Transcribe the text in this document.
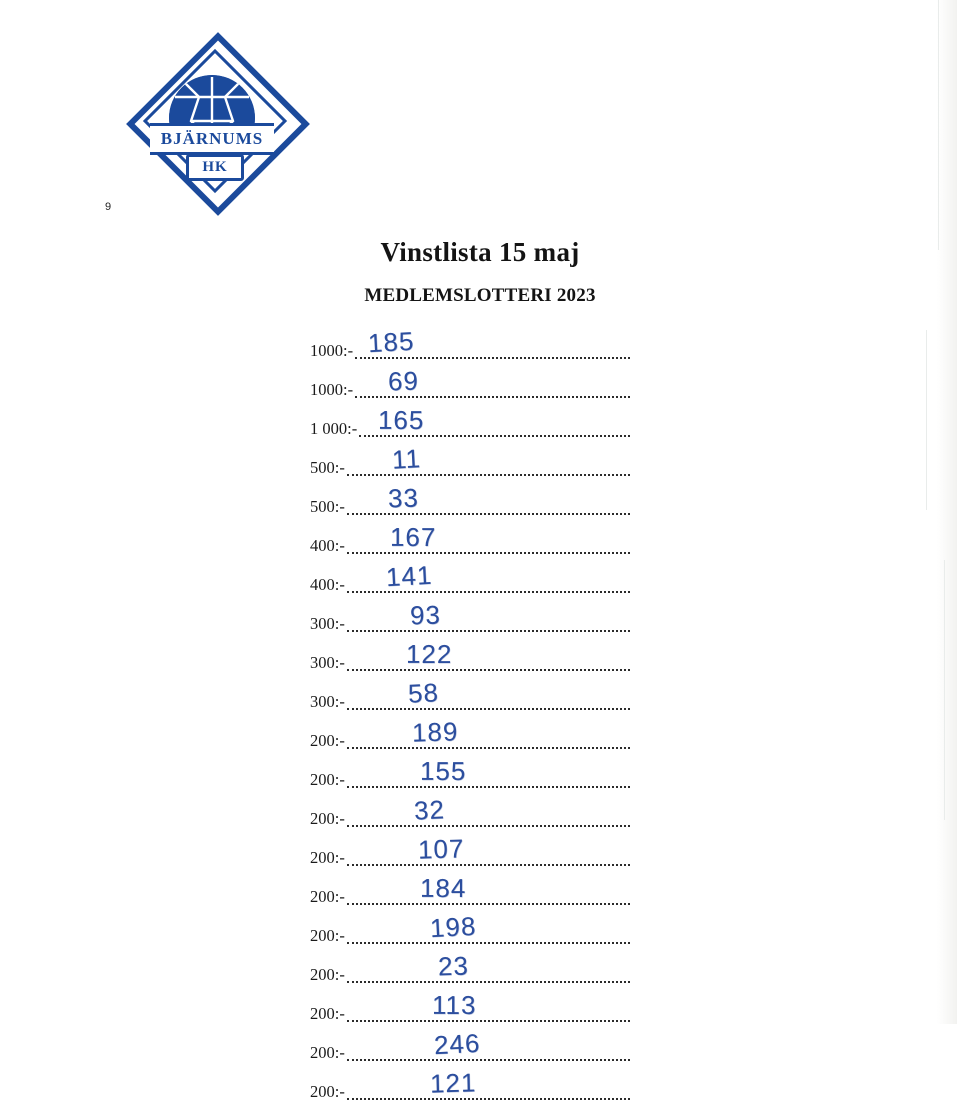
BJÄRNUMS
HK
9
Vinstlista 15 maj
MEDLEMSLOTTERI 2023
1000:- 185
1000:- 69
1 000:- 165
500:- 11
500:- 33
400:- 167
400:- 141
300:- 93
300:- 122
300:- 58
200:-	189
200:-	155
200:-	32
200:-	107
200:-	184
200:-	198
200:-	23
200:-	113
200:-	246
200:-	121
